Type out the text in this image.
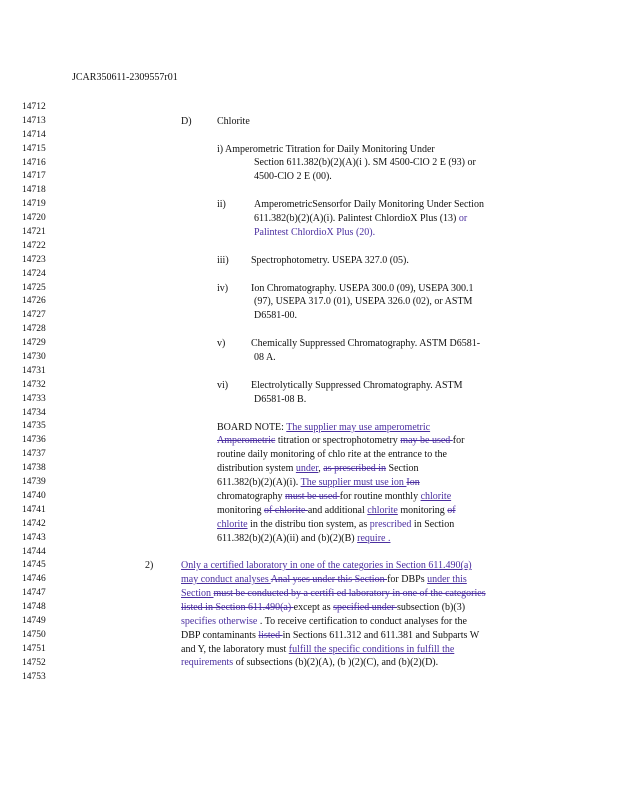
JCAR350611-2309557r01
14712
14713
14714
14715
14716
14717
14718
14719
14720
14721
14722
14723
14724
14725
14726
14727
14728
14729
14730
14731
14732
14733
14734
14735
14736
14737
14738
14739
14740
14741
14742
14743
14744
14745
14746
14747
14748
14749
14750
14751
14752
14753
D)	Chlorite
i) Amperometric Titration for Daily Monitoring Under
Section 611.382(b)(2)(A)(i ). SM 4500-ClO 2 E (93) or
4500-ClO 2 E (00).
ii)	AmperometricSensorfor Daily Monitoring Under Section
611.382(b)(2)(A)(i). Palintest ChlordioX Plus (13) or
Palintest ChlordioX Plus (20).
iii) Spectrophotometry. USEPA 327.0 (05).
iv) Ion Chromatography. USEPA 300.0 (09), USEPA 300.1
(97), USEPA 317.0 (01), USEPA 326.0 (02), or ASTM
D6581-00.
v)	Chemically Suppressed Chromatography. ASTM D6581-
08 A.
vi) Electrolytically Suppressed Chromatography. ASTM
D6581-08 B.
BOARD NOTE: The supplier may use amperometric
Amperometric titration or spectrophotometry may be used for
routine daily monitoring of chlo rite at the entrance to the
distribution system under, as prescribed in Section
611.382(b)(2)(A)(i). The supplier must use ion Ion
chromatography must be used for routine monthly chlorite
monitoring of chlorite and additional chlorite monitoring of
chlorite in the distribu tion system, as prescribed in Section
611.382(b)(2)(A)(ii) and (b)(2)(B) require .
2)	Only a certified laboratory in one of the categories in Section 611.490(a)
may conduct analyses Anal yses under this Section for DBPs under this
Section must be conducted by a certifi ed laboratory in one of the categories
listed in Section 611.490(a) except as specified under subsection (b)(3)
specifies otherwise . To receive certification to conduct analyses for the
DBP contaminants listed in Sections 611.312 and 611.381 and Subparts W
and Y, the laboratory must fulfill the specific conditions in fulfill the
requirements of subsections (b)(2)(A), (b )(2)(C), and (b)(2)(D).
